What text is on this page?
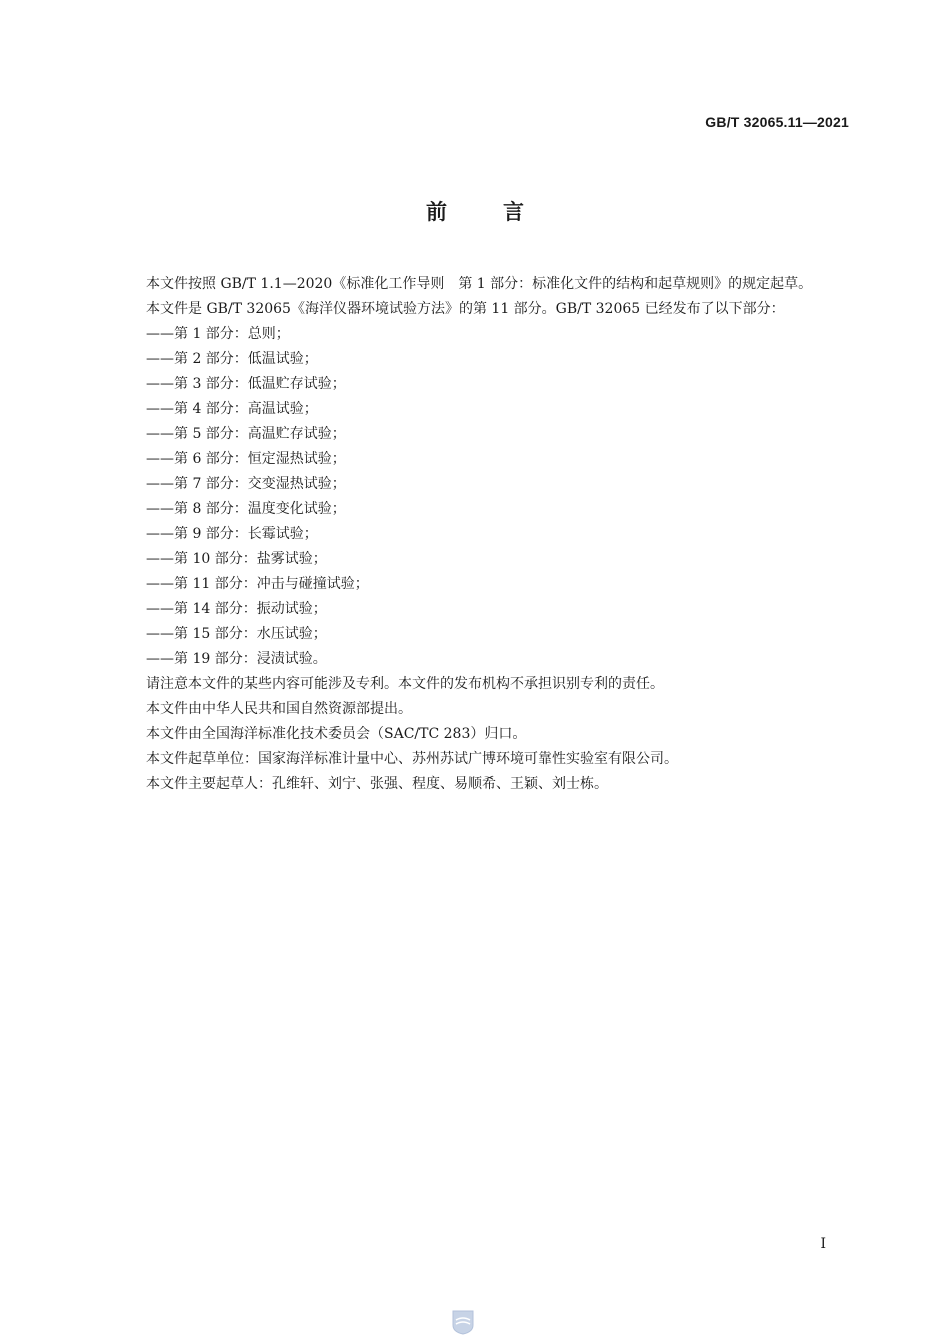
GB/T 32065.11—2021
前言

本文件按照 GB/T 1.1—2020《标准化工作导则　第 1 部分：标准化文件的结构和起草规则》的规定起草。

本文件是 GB/T 32065《海洋仪器环境试验方法》的第 11 部分。GB/T 32065 已经发布了以下部分：

——第 1 部分：总则；
——第 2 部分：低温试验；
——第 3 部分：低温贮存试验；
——第 4 部分：高温试验；
——第 5 部分：高温贮存试验；
——第 6 部分：恒定湿热试验；
——第 7 部分：交变湿热试验；
——第 8 部分：温度变化试验；
——第 9 部分：长霉试验；
——第 10 部分：盐雾试验；
——第 11 部分：冲击与碰撞试验；
——第 14 部分：振动试验；
——第 15 部分：水压试验；
——第 19 部分：浸渍试验。

请注意本文件的某些内容可能涉及专利。本文件的发布机构不承担识别专利的责任。

本文件由中华人民共和国自然资源部提出。

本文件由全国海洋标准化技术委员会（SAC/TC 283）归口。

本文件起草单位：国家海洋标准计量中心、苏州苏试广博环境可靠性实验室有限公司。

本文件主要起草人：孔维轩、刘宁、张强、程度、易顺希、王颖、刘士栋。

I
